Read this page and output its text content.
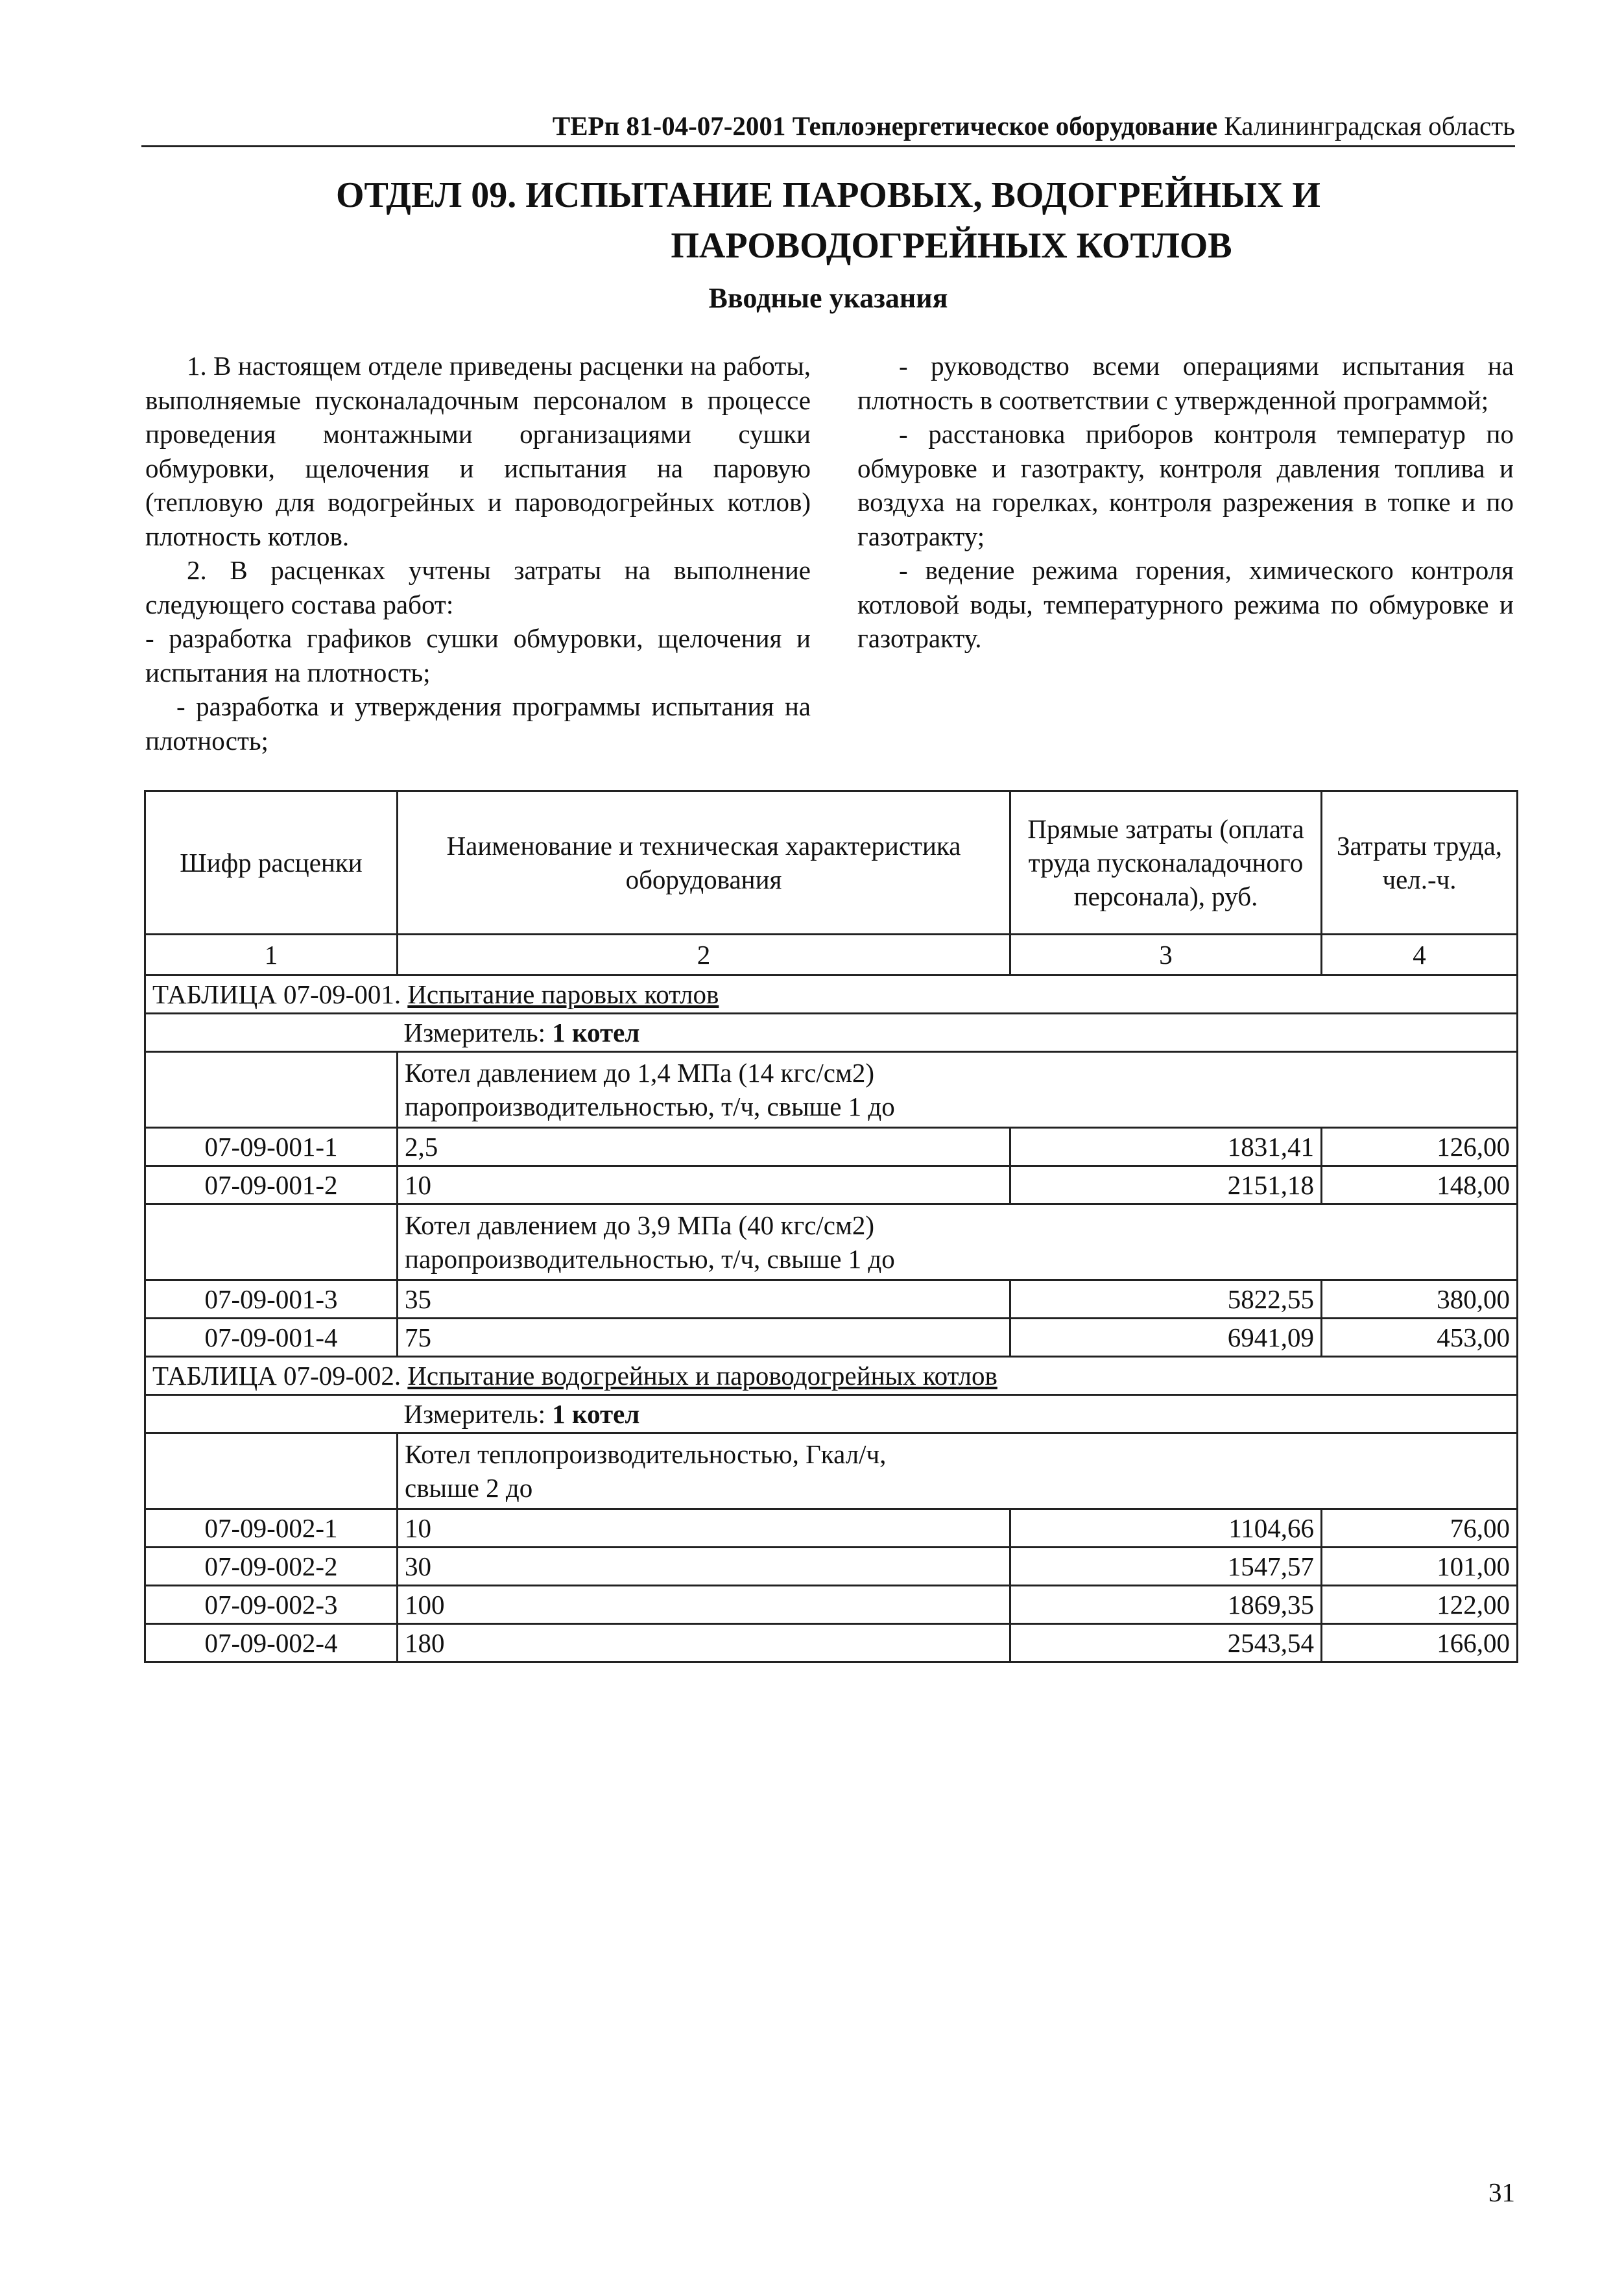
ТЕРп 81-04-07-2001 Теплоэнергетическое оборудование Калининградская область
ОТДЕЛ 09. ИСПЫТАНИЕ ПАРОВЫХ, ВОДОГРЕЙНЫХ И
ПАРОВОДОГРЕЙНЫХ КОТЛОВ
Вводные указания

1. В настоящем отделе приведены расценки на работы, выполняемые пусконаладочным персоналом в процессе проведения монтажными организациями сушки обмуровки, щелочения и испытания на паровую (тепловую для водогрейных и пароводогрейных котлов) плотность котлов.

2. В расценках учтены затраты на выполнение следующего состава работ:

- разработка графиков сушки обмуровки, щелочения и испытания на плотность;

- разработка и утверждения программы испытания на плотность;

- руководство всеми операциями испытания на плотность в соответствии с утвержденной программой;

- расстановка приборов контроля температур по обмуровке и газотракту, контроля давления топлива и воздуха на горелках, контроля разрежения в топке и по газотракту;

- ведение режима горения, химического контроля котловой воды, температурного режима по обмуровке и газотракту.

Шифр расценки	Наименование и техническая характеристика оборудования	Прямые затраты (оплата труда пусконаладочного персонала), руб.	Затраты труда, чел.-ч.
1	2	3	4
ТАБЛИЦА 07-09-001. Испытание паровых котлов			
	Измеритель: 1 котел		
	Котел давлением до 1,4 МПа (14 кгс/см2) паропроизводительностью, т/ч, свыше 1 до		
07-09-001-1	2,5	1831,41	126,00
07-09-001-2	10	2151,18	148,00
	Котел давлением до 3,9 МПа (40 кгс/см2) паропроизводительностью, т/ч, свыше 1 до		
07-09-001-3	35	5822,55	380,00
07-09-001-4	75	6941,09	453,00
ТАБЛИЦА 07-09-002. Испытание водогрейных и пароводогрейных котлов			
	Измеритель: 1 котел		
	Котел теплопроизводительностью, Гкал/ч, свыше 2 до		
07-09-002-1	10	1104,66	76,00
07-09-002-2	30	1547,57	101,00
07-09-002-3	100	1869,35	122,00
07-09-002-4	180	2543,54	166,00
31
